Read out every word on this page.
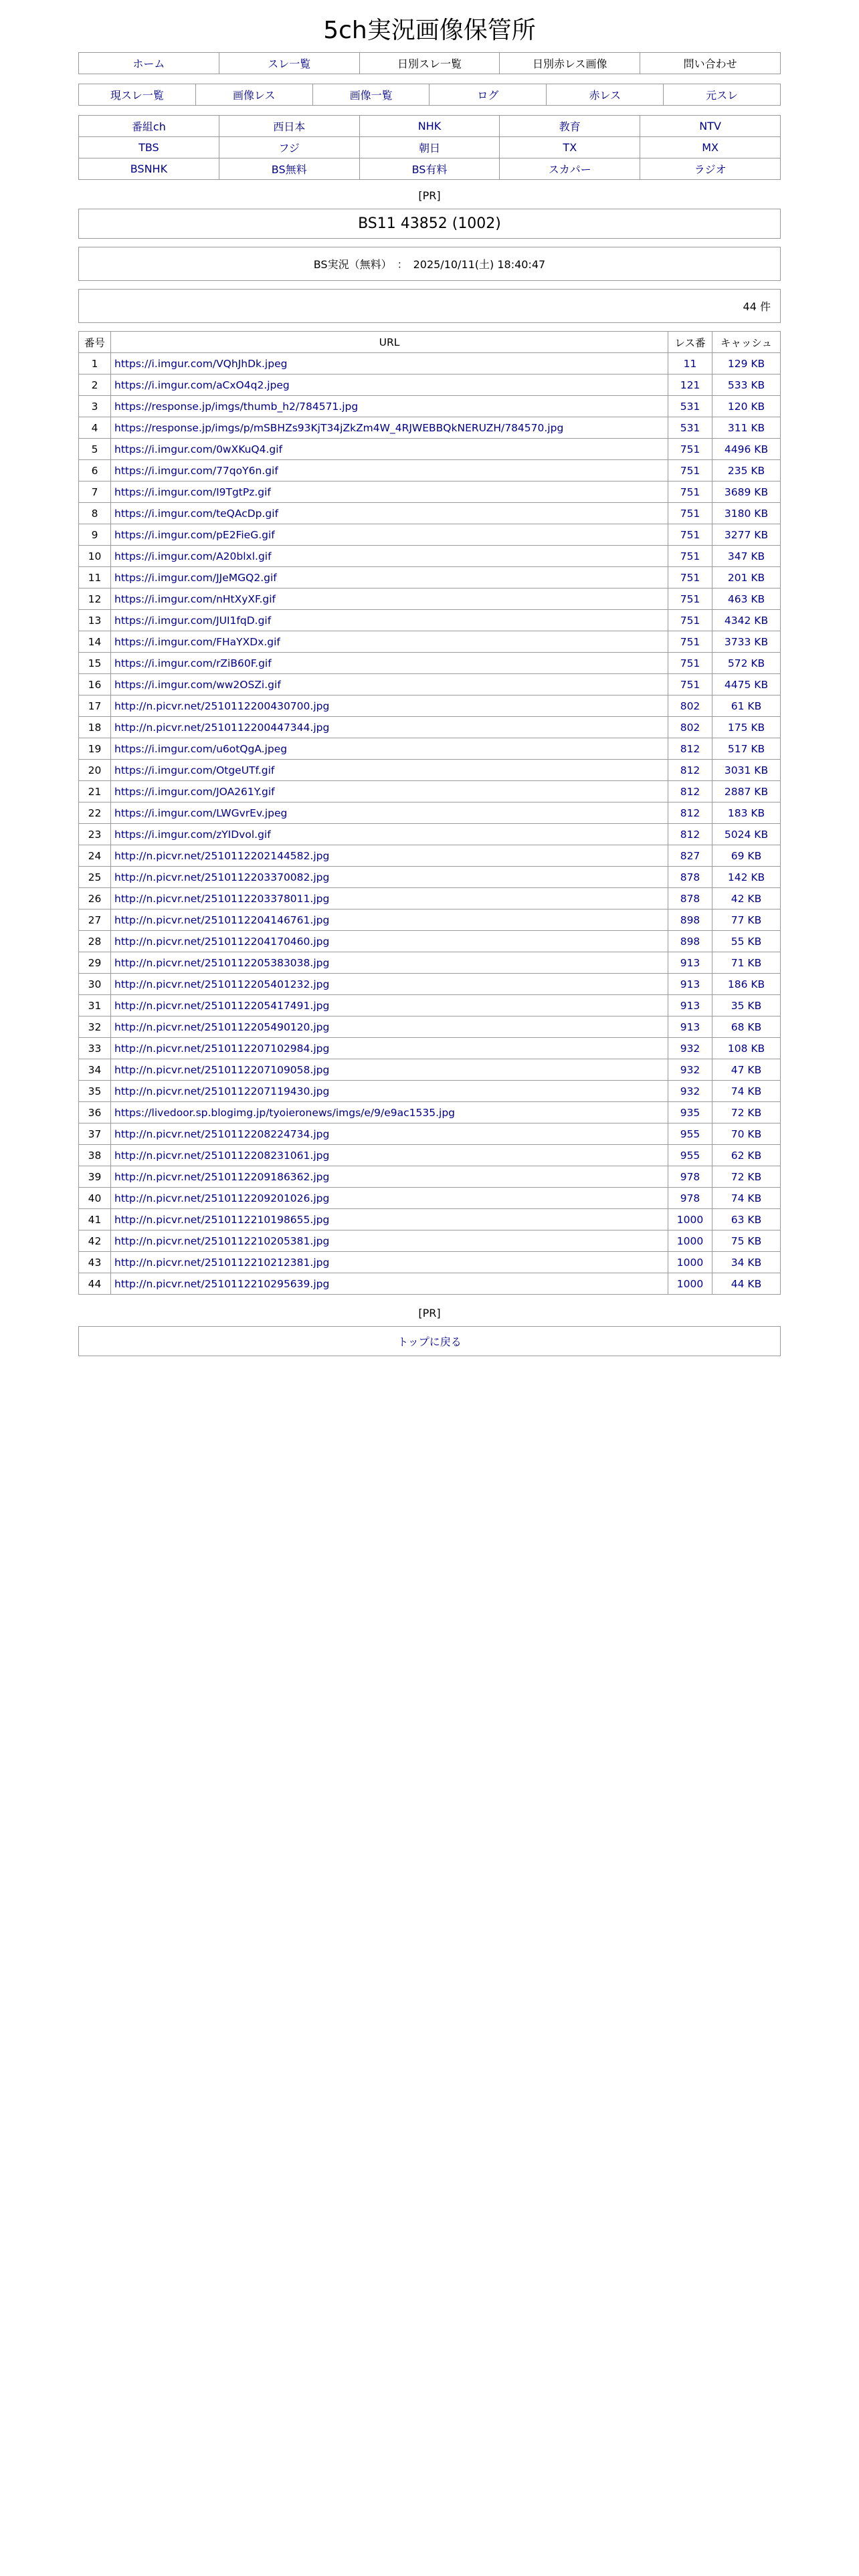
5ch実況画像保管所
ホーム	スレ一覧	日別スレ一覧	日別赤レス画像	問い合わせ
現スレ一覧	画像レス	画像一覧	ログ	赤レス	元スレ
番組ch	西日本	NHK	教育	NTV
TBS	フジ	朝日	TX	MX
BSNHK	BS無料	BS有料	スカパー	ラジオ
[PR]
BS11 43852 (1002)
BS実況（無料）　：　2025/10/11(土) 18:40:47
44 件
番号	URL	レス番	キャッシュ
1	https://i.imgur.com/VQhJhDk.jpeg	11	129 KB
2	https://i.imgur.com/aCxO4q2.jpeg	121	533 KB
3	https://response.jp/imgs/thumb_h2/784571.jpg	531	120 KB
4	https://response.jp/imgs/p/mSBHZs93KjT34jZkZm4W_4RJWEBBQkNERUZH/784570.jpg	531	311 KB
5	https://i.imgur.com/0wXKuQ4.gif	751	4496 KB
6	https://i.imgur.com/77qoY6n.gif	751	235 KB
7	https://i.imgur.com/I9TgtPz.gif	751	3689 KB
8	https://i.imgur.com/teQAcDp.gif	751	3180 KB
9	https://i.imgur.com/pE2FieG.gif	751	3277 KB
10	https://i.imgur.com/A20blxl.gif	751	347 KB
11	https://i.imgur.com/JJeMGQ2.gif	751	201 KB
12	https://i.imgur.com/nHtXyXF.gif	751	463 KB
13	https://i.imgur.com/JUI1fqD.gif	751	4342 KB
14	https://i.imgur.com/FHaYXDx.gif	751	3733 KB
15	https://i.imgur.com/rZiB60F.gif	751	572 KB
16	https://i.imgur.com/ww2OSZi.gif	751	4475 KB
17	http://n.picvr.net/2510112200430700.jpg	802	61 KB
18	http://n.picvr.net/2510112200447344.jpg	802	175 KB
19	https://i.imgur.com/u6otQgA.jpeg	812	517 KB
20	https://i.imgur.com/OtgeUTf.gif	812	3031 KB
21	https://i.imgur.com/JOA261Y.gif	812	2887 KB
22	https://i.imgur.com/LWGvrEv.jpeg	812	183 KB
23	https://i.imgur.com/zYIDvol.gif	812	5024 KB
24	http://n.picvr.net/2510112202144582.jpg	827	69 KB
25	http://n.picvr.net/2510112203370082.jpg	878	142 KB
26	http://n.picvr.net/2510112203378011.jpg	878	42 KB
27	http://n.picvr.net/2510112204146761.jpg	898	77 KB
28	http://n.picvr.net/2510112204170460.jpg	898	55 KB
29	http://n.picvr.net/2510112205383038.jpg	913	71 KB
30	http://n.picvr.net/2510112205401232.jpg	913	186 KB
31	http://n.picvr.net/2510112205417491.jpg	913	35 KB
32	http://n.picvr.net/2510112205490120.jpg	913	68 KB
33	http://n.picvr.net/2510112207102984.jpg	932	108 KB
34	http://n.picvr.net/2510112207109058.jpg	932	47 KB
35	http://n.picvr.net/2510112207119430.jpg	932	74 KB
36	https://livedoor.sp.blogimg.jp/tyoieronews/imgs/e/9/e9ac1535.jpg	935	72 KB
37	http://n.picvr.net/2510112208224734.jpg	955	70 KB
38	http://n.picvr.net/2510112208231061.jpg	955	62 KB
39	http://n.picvr.net/2510112209186362.jpg	978	72 KB
40	http://n.picvr.net/2510112209201026.jpg	978	74 KB
41	http://n.picvr.net/2510112210198655.jpg	1000	63 KB
42	http://n.picvr.net/2510112210205381.jpg	1000	75 KB
43	http://n.picvr.net/2510112210212381.jpg	1000	34 KB
44	http://n.picvr.net/2510112210295639.jpg	1000	44 KB
[PR]
トップに戻る
